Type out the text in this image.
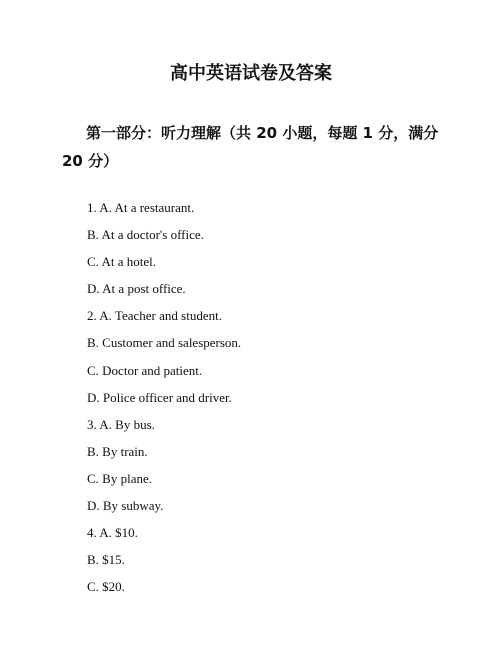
高中英语试卷及答案
第一部分：听力理解（共 20 小题，每题 1 分，满分 20 分）
1. A. At a restaurant.
B. At a doctor's office.
C. At a hotel.
D. At a post office.
2. A. Teacher and student.
B. Customer and salesperson.
C. Doctor and patient.
D. Police officer and driver.
3. A. By bus.
B. By train.
C. By plane.
D. By subway.
4. A. $10.
B. $15.
C. $20.
